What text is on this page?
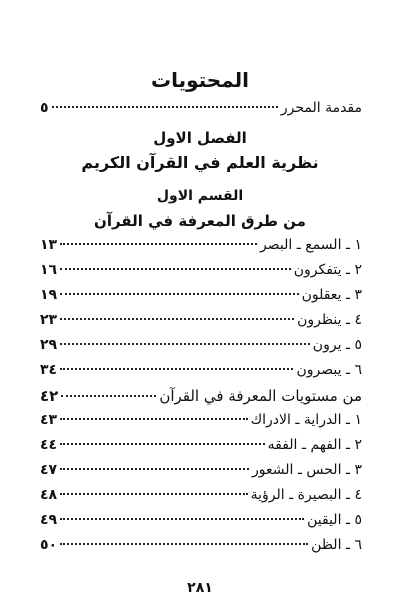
المحتويات
مقدمة المحرر
٥
الفصل الاول
نظرية العلم في القرآن الكريم
القسم الاول
من طرق المعرفة في القرآن
١ ـ السمع ـ البصر
١٣
٢ ـ يتفكرون
١٦
٣ ـ يعقلون
١٩
٤ ـ ينظرون
٢٣
٥ ـ يرون
٢٩
٦ ـ يبصرون
٣٤
من مستويات المعرفة في القرآن
٤٢
١ ـ الدراية ـ الادراك
٤٣
٢ ـ الفهم ـ الفقه
٤٤
٣ ـ الحس ـ الشعور
٤٧
٤ ـ البصيرة ـ الرؤية
٤٨
٥ ـ اليقين
٤٩
٦ ـ الظن
٥٠
٢٨١
